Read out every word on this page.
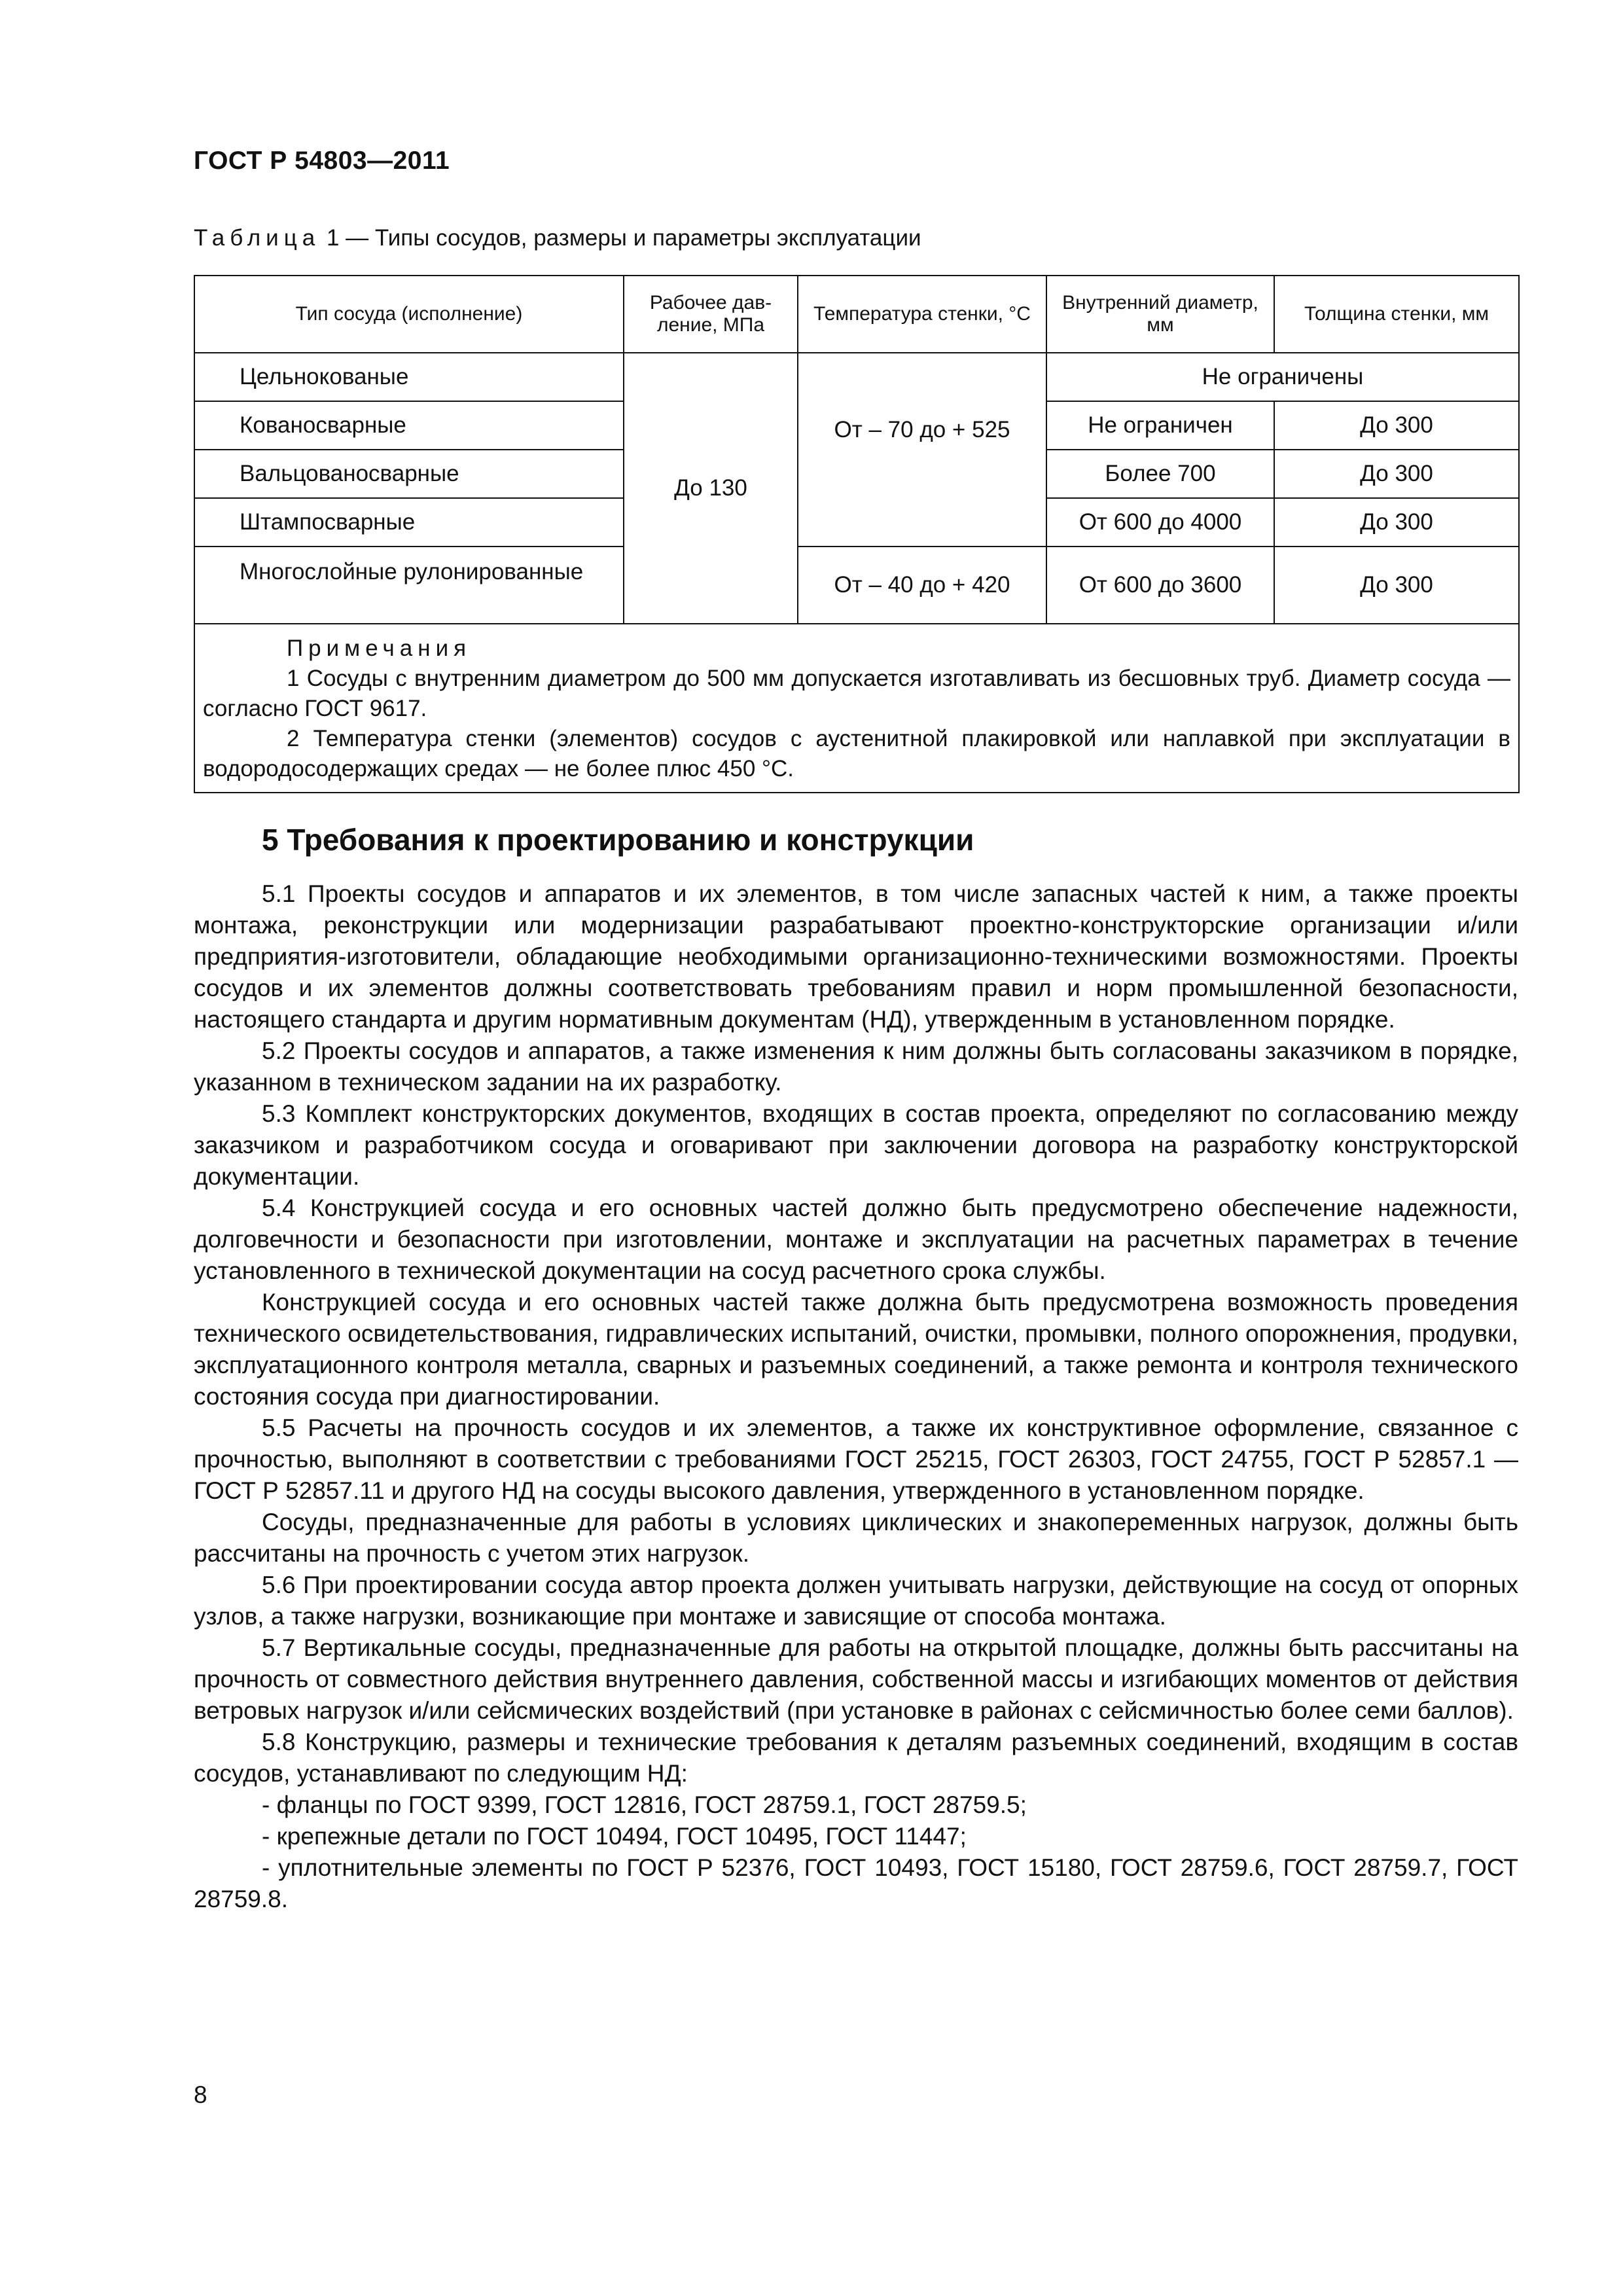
ГОСТ Р 54803—2011
Таблица 1 — Типы сосудов, размеры и параметры эксплуатации
Тип сосуда (исполнение)	Рабочее дав-ление, МПа	Температура стенки, °С	Внутренний диаметр, мм	Толщина стенки, мм
Цельнокованые	До 130	От – 70 до + 525	Не ограничены	
Кованосварные			Не ограничен	До 300
Вальцованосварные			Более 700	До 300
Штампосварные			От 600 до 4000	До 300
Многослойные рулонированные		От – 40 до + 420	От 600 до 3600	До 300

Примечания

1 Сосуды с внутренним диаметром до 500 мм допускается изготавливать из бесшовных труб. Диаметр сосуда — согласно ГОСТ 9617.

2 Температура стенки (элементов) сосудов с аустенитной плакировкой или наплавкой при эксплуатации в водородосодержащих средах — не более плюс 450 °С.				

5 Требования к проектированию и конструкции

5.1 Проекты сосудов и аппаратов и их элементов, в том числе запасных частей к ним, а также проекты монтажа, реконструкции или модернизации разрабатывают проектно-конструкторские организации и/или предприятия-изготовители, обладающие необходимыми организационно-техническими возможностями. Проекты сосудов и их элементов должны соответствовать требованиям правил и норм промышленной безопасности, настоящего стандарта и другим нормативным документам (НД), утвержденным в установленном порядке.

5.2 Проекты сосудов и аппаратов, а также изменения к ним должны быть согласованы заказчиком в порядке, указанном в техническом задании на их разработку.

5.3 Комплект конструкторских документов, входящих в состав проекта, определяют по согласованию между заказчиком и разработчиком сосуда и оговаривают при заключении договора на разработку конструкторской документации.

5.4 Конструкцией сосуда и его основных частей должно быть предусмотрено обеспечение надежности, долговечности и безопасности при изготовлении, монтаже и эксплуатации на расчетных параметрах в течение установленного в технической документации на сосуд расчетного срока службы.

Конструкцией сосуда и его основных частей также должна быть предусмотрена возможность проведения технического освидетельствования, гидравлических испытаний, очистки, промывки, полного опорожнения, продувки, эксплуатационного контроля металла, сварных и разъемных соединений, а также ремонта и контроля технического состояния сосуда при диагностировании.

5.5 Расчеты на прочность сосудов и их элементов, а также их конструктивное оформление, связанное с прочностью, выполняют в соответствии с требованиями ГОСТ 25215, ГОСТ 26303, ГОСТ 24755, ГОСТ Р 52857.1 — ГОСТ Р 52857.11 и другого НД на сосуды высокого давления, утвержденного в установленном порядке.

Сосуды, предназначенные для работы в условиях циклических и знакопеременных нагрузок, должны быть рассчитаны на прочность с учетом этих нагрузок.

5.6 При проектировании сосуда автор проекта должен учитывать нагрузки, действующие на сосуд от опорных узлов, а также нагрузки, возникающие при монтаже и зависящие от способа монтажа.

5.7 Вертикальные сосуды, предназначенные для работы на открытой площадке, должны быть рассчитаны на прочность от совместного действия внутреннего давления, собственной массы и изгибающих моментов от действия ветровых нагрузок и/или сейсмических воздействий (при установке в районах с сейсмичностью более семи баллов).

5.8 Конструкцию, размеры и технические требования к деталям разъемных соединений, входящим в состав сосудов, устанавливают по следующим НД:

- фланцы по ГОСТ 9399, ГОСТ 12816, ГОСТ 28759.1, ГОСТ 28759.5;

- крепежные детали по ГОСТ 10494, ГОСТ 10495, ГОСТ 11447;

- уплотнительные элементы по ГОСТ Р 52376, ГОСТ 10493, ГОСТ 15180, ГОСТ 28759.6, ГОСТ 28759.7, ГОСТ 28759.8.

8
